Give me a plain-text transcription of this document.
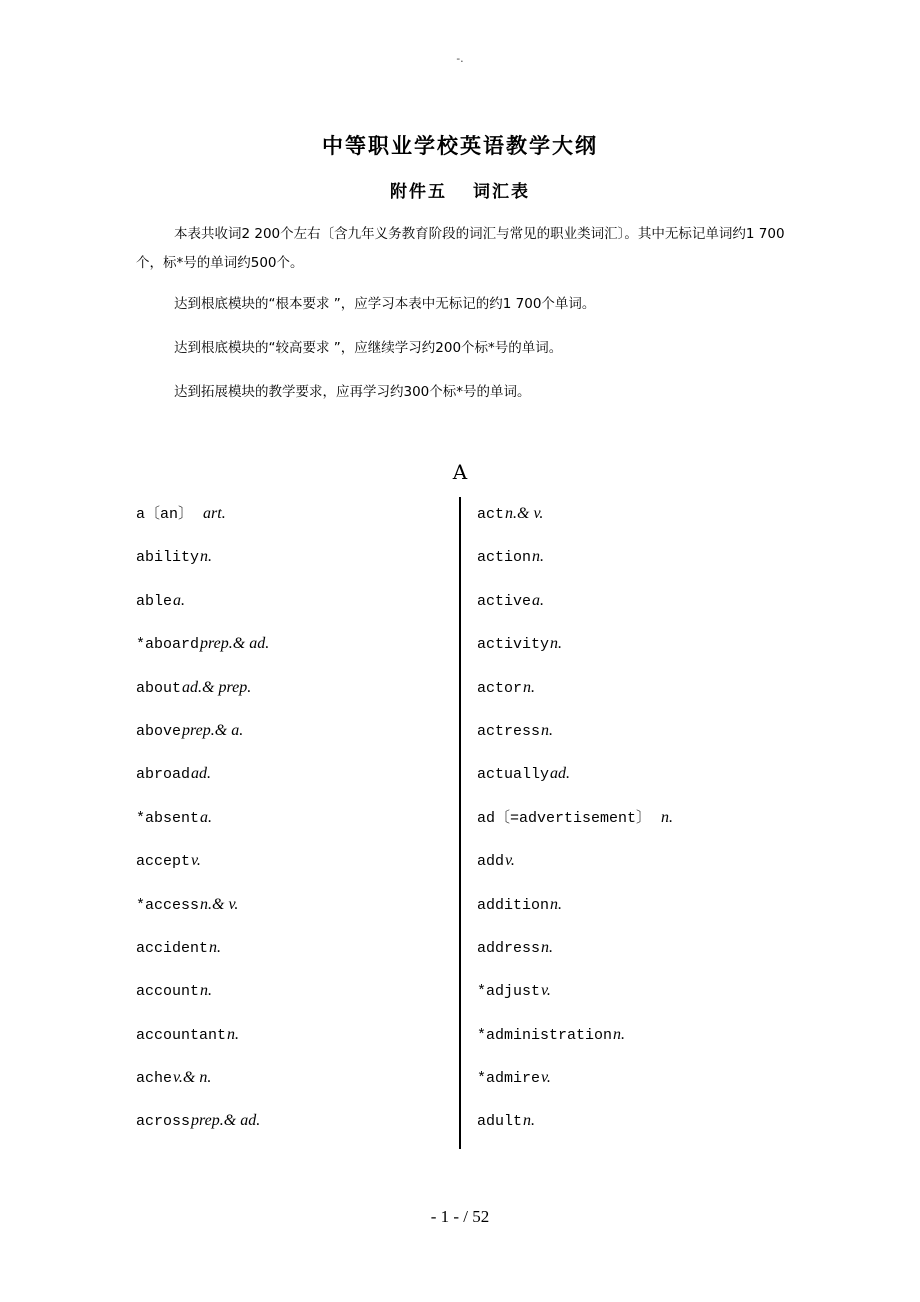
-.
中等职业学校英语教学大纲
附件五 词汇表
本表共收词2 200个左右〔含九年义务教育阶段的词汇与常见的职业类词汇〕。其中无标记单词约1 700个，标*号的单词约500个。
达到根底模块的“根本要求 ”，应学习本表中无标记的约1 700个单词。
达到根底模块的“较高要求 ”，应继续学习约200个标*号的单词。
达到拓展模块的教学要求，应再学习约300个标*号的单词。
A
a〔an〕 art.
abilityn.
ablea.
*aboardprep.& ad.
aboutad.& prep.
aboveprep.& a.
abroadad.
*absenta.
acceptv.
*accessn.& v.
accidentn.
accountn.
accountantn.
achev.& n.
acrossprep.& ad.
actn.& v.
actionn.
activea.
activityn.
actorn.
actressn.
actuallyad.
ad〔=advertisement〕 n.
addv.
additionn.
addressn.
*adjustv.
*administrationn.
*admirev.
adultn.
- 1 - / 52
